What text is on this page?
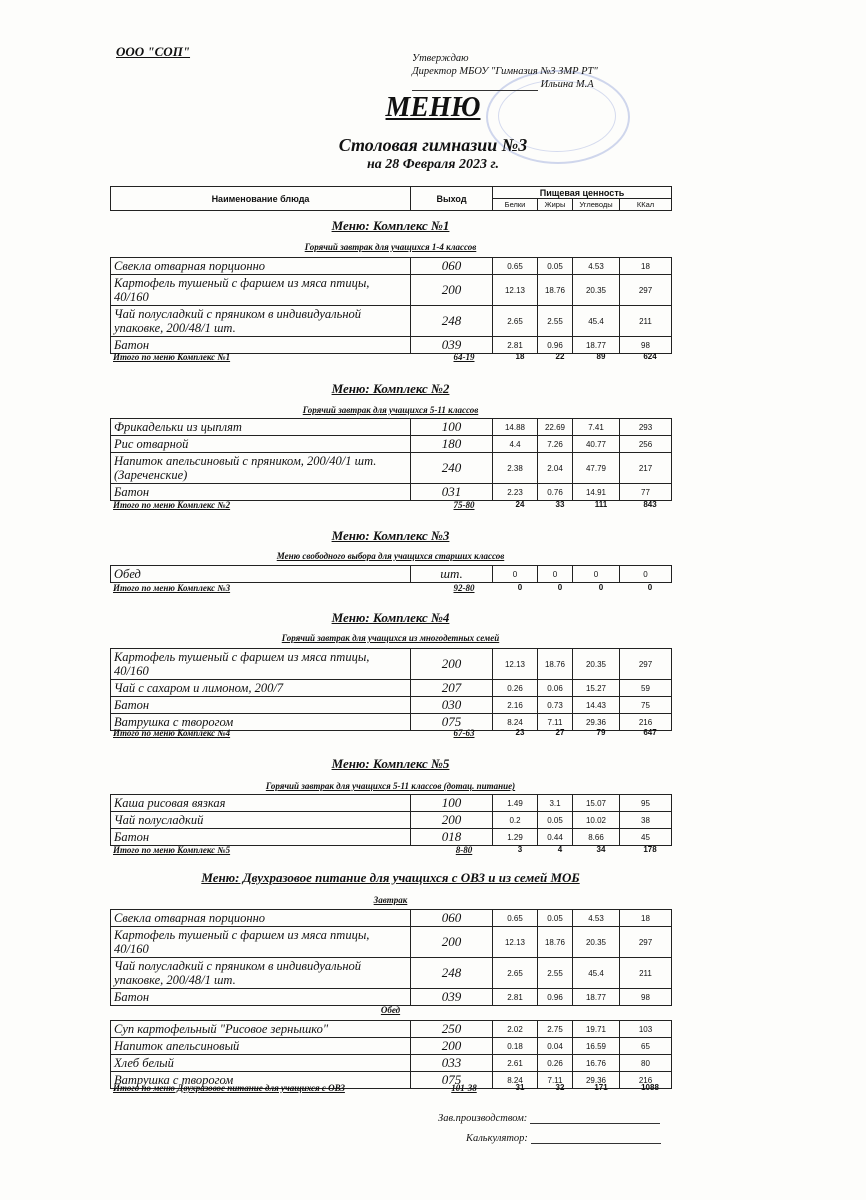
ООО "СОП"	Утверждаю
Директор МБОУ "Гимназия №3 ЗМР РТ"
Ильина М.А
МЕНЮ
Столовая гимназии №3
на 28 Февраля 2023 г.
Наименование блюда	Выход	Пищевая ценность			
		Белки	Жиры	Углеводы	ККал
Меню: Комплекс №1
Горячий завтрак для учащихся 1-4 классов
Свекла отварная порционно	060	0.65	0.05	4.53	18
Картофель тушеный с фаршем из мяса птицы, 40/160	200	12.13	18.76	20.35	297
Чай полусладкий с пряником в индивидуальной упаковке, 200/48/1 шт.	248	2.65	2.55	45.4	211
Батон	039	2.81	0.96	18.77	98
Итого по меню Комплекс №1	64-19	18	22	89	624
Меню: Комплекс №2
Горячий завтрак для учащихся 5-11 классов
Фрикадельки из цыплят	100	14.88	22.69	7.41	293
Рис отварной	180	4.4	7.26	40.77	256
Напиток апельсиновый с пряником, 200/40/1 шт. (Зареченские)	240	2.38	2.04	47.79	217
Батон	031	2.23	0.76	14.91	77
Итого по меню Комплекс №2	75-80	24	33	111	843
Меню: Комплекс №3
Меню свободного выбора для учащихся старших классов
Обед	шт.	0	0	0	0
Итого по меню Комплекс №3	92-80	0	0	0	0
Меню: Комплекс №4
Горячий завтрак для учащихся из многодетных семей
Картофель тушеный с фаршем из мяса птицы, 40/160	200	12.13	18.76	20.35	297
Чай с сахаром и лимоном, 200/7	207	0.26	0.06	15.27	59
Батон	030	2.16	0.73	14.43	75
Ватрушка с творогом	075	8.24	7.11	29.36	216
Итого по меню Комплекс №4	67-63	23	27	79	647
Меню: Комплекс №5
Горячий завтрак для учащихся 5-11 классов (дотац. питание)
Каша рисовая вязкая	100	1.49	3.1	15.07	95
Чай полусладкий	200	0.2	0.05	10.02	38
Батон	018	1.29	0.44	8.66	45
Итого по меню Комплекс №5	8-80	3	4	34	178
Меню: Двухразовое питание для учащихся с ОВЗ и из семей МОБ
Завтрак
Свекла отварная порционно	060	0.65	0.05	4.53	18
Картофель тушеный с фаршем из мяса птицы, 40/160	200	12.13	18.76	20.35	297
Чай полусладкий с пряником в индивидуальной упаковке, 200/48/1 шт.	248	2.65	2.55	45.4	211
Батон	039	2.81	0.96	18.77	98
Обед
Суп картофельный "Рисовое зернышко"	250	2.02	2.75	19.71	103
Напиток апельсиновый	200	0.18	0.04	16.59	65
Хлеб белый	033	2.61	0.26	16.76	80
Ватрушка с творогом	075	8.24	7.11	29.36	216
Итого по меню Двухразовое питание для учащихся с ОВЗ	101-38	31	32	171	1088
Зав.производством:
Калькулятор:
